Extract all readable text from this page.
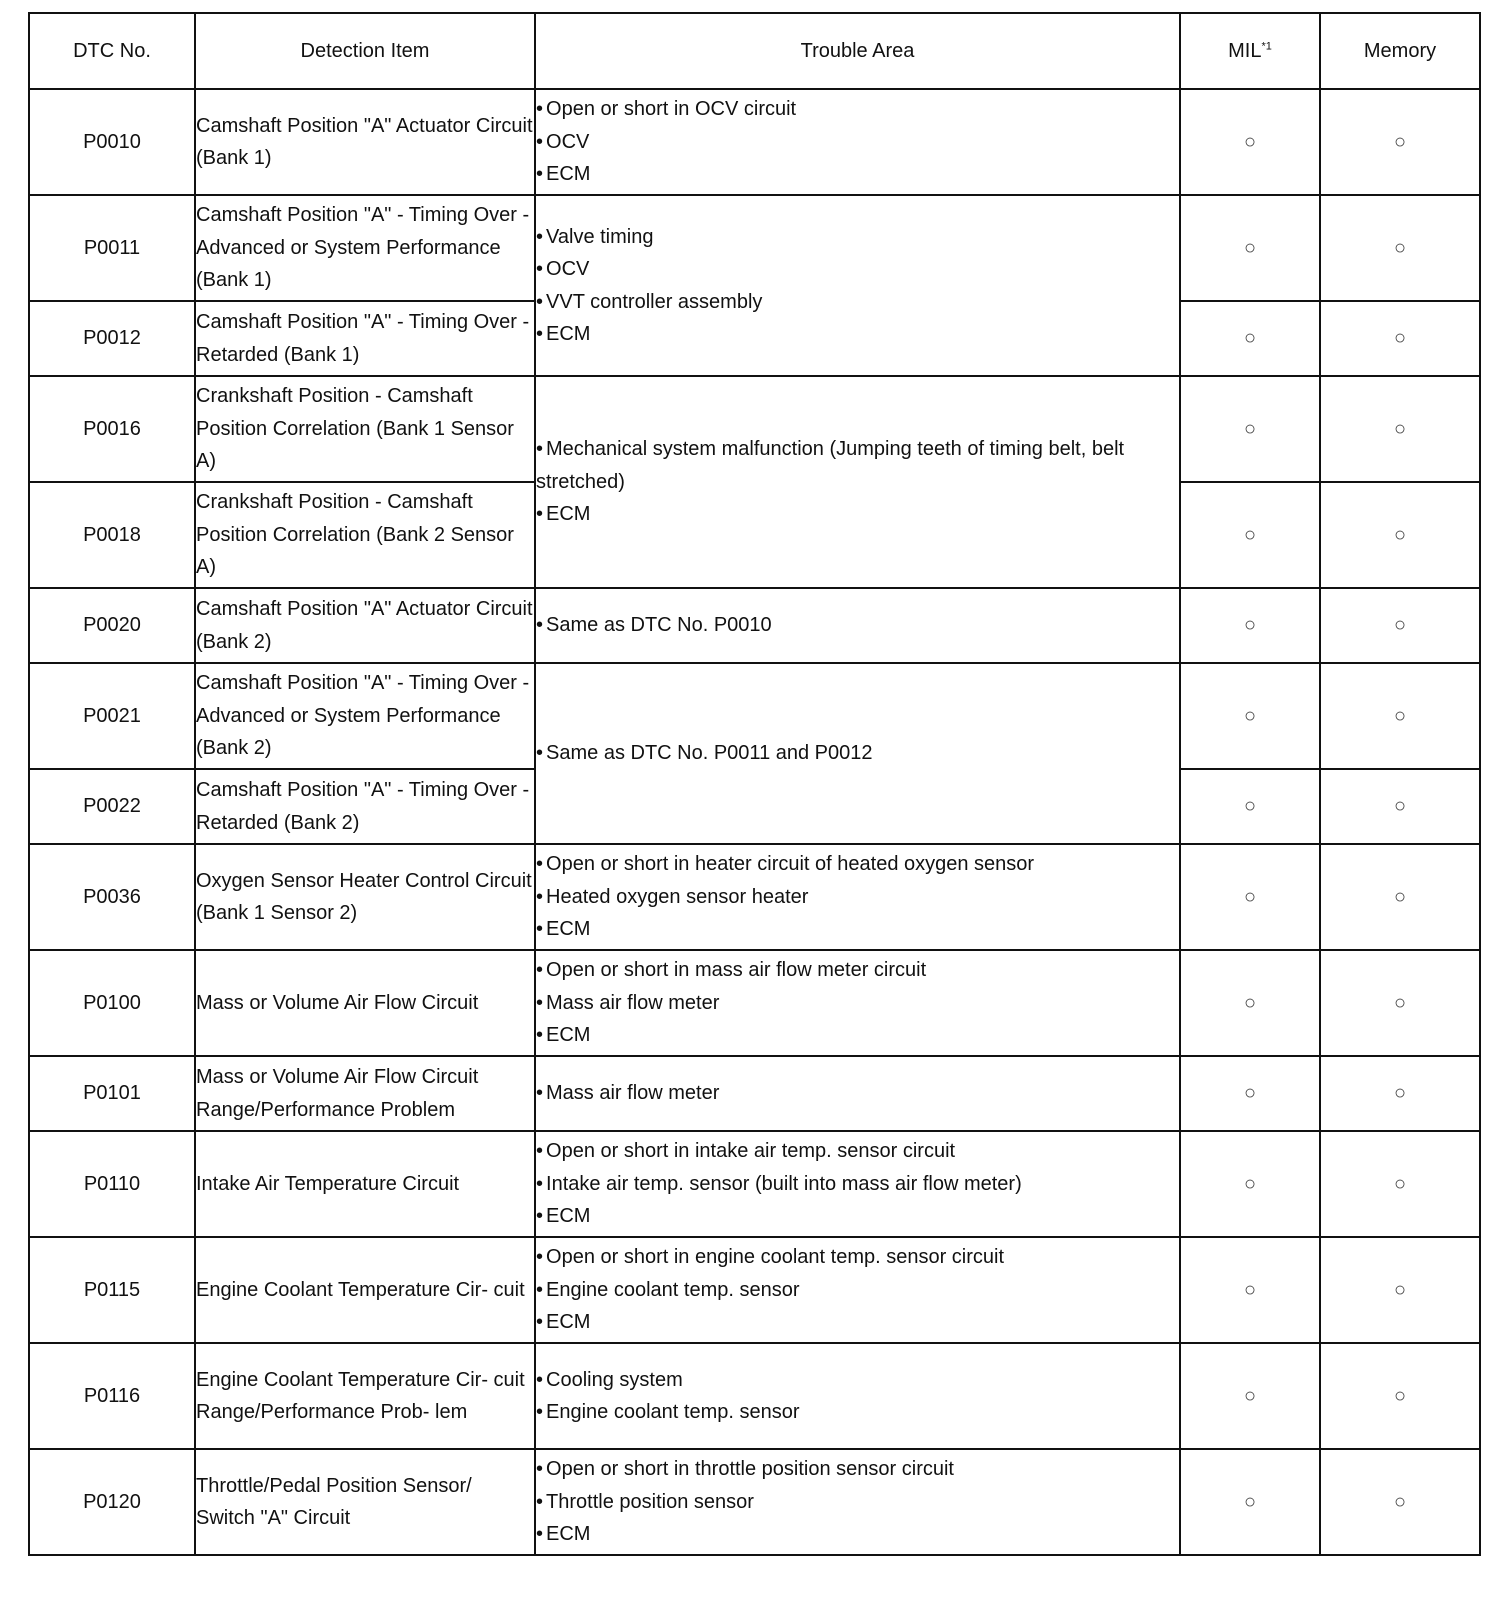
DTC No.	Detection Item	Trouble Area	MIL$^{*1}$	Memory
P0010	Camshaft Position "A" Actuator Circuit (Bank 1)	• Open or short in OCV circuit
• OCV
• ECM	○	○
P0011	Camshaft Position "A" - Timing Over - Advanced or System Performance (Bank 1)	• Valve timing
• OCV
• VVT controller assembly
• ECM	○	○
P0012	Camshaft Position "A" - Timing Over - Retarded (Bank 1)		○	○
P0016	Crankshaft Position - Camshaft Position Correlation (Bank 1 Sensor A)	• Mechanical system malfunction (Jumping teeth of timing belt, belt stretched)
• ECM	○	○
P0018	Crankshaft Position - Camshaft Position Correlation (Bank 2 Sensor A)		○	○
P0020	Camshaft Position "A" Actuator Circuit (Bank 2)	• Same as DTC No. P0010	○	○
P0021	Camshaft Position "A" - Timing Over - Advanced or System Performance (Bank 2)	• Same as DTC No. P0011 and P0012	○	○
P0022	Camshaft Position "A" - Timing Over - Retarded (Bank 2)		○	○
P0036	Oxygen Sensor Heater Control Circuit (Bank 1 Sensor 2)	• Open or short in heater circuit of heated oxygen sensor
• Heated oxygen sensor heater
• ECM	○	○
P0100	Mass or Volume Air Flow Circuit	• Open or short in mass air flow meter circuit
• Mass air flow meter
• ECM	○	○
P0101	Mass or Volume Air Flow Circuit Range/Performance Problem	• Mass air flow meter	○	○
P0110	Intake Air Temperature Circuit	• Open or short in intake air temp. sensor circuit
• Intake air temp. sensor (built into mass air flow meter)
• ECM	○	○
P0115	Engine Coolant Temperature Cir- cuit	• Open or short in engine coolant temp. sensor circuit
• Engine coolant temp. sensor
• ECM	○	○
P0116	Engine Coolant Temperature Cir- cuit Range/Performance Prob- lem	• Cooling system
• Engine coolant temp. sensor	○	○
P0120	Throttle/Pedal Position Sensor/ Switch "A" Circuit	• Open or short in throttle position sensor circuit
• Throttle position sensor
• ECM	○	○
